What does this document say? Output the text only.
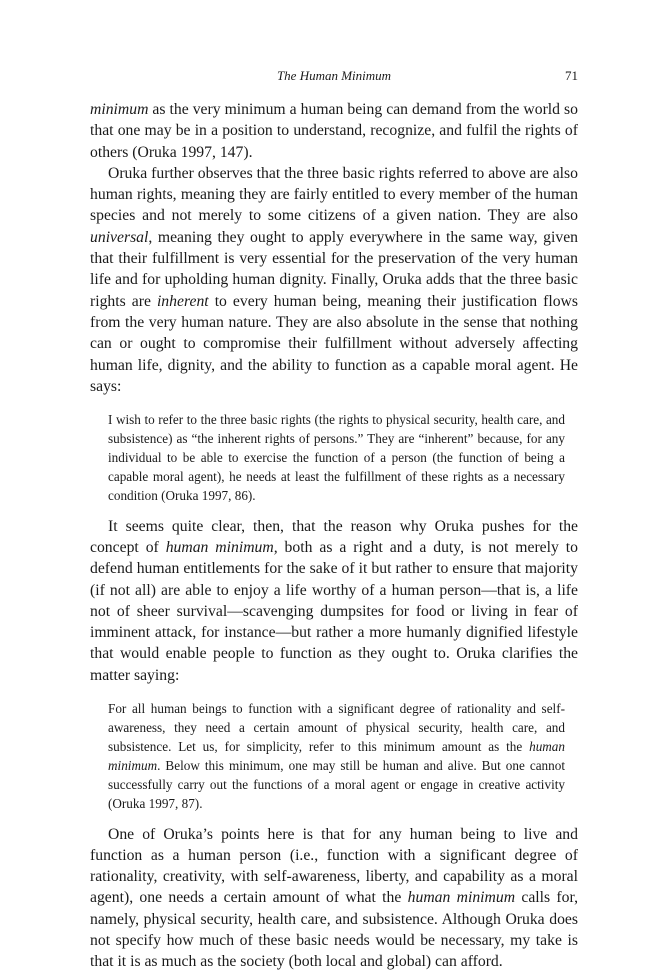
The Human Minimum	71

minimum as the very minimum a human being can demand from the world so that one may be in a position to understand, recognize, and fulfil the rights of others (Oruka 1997, 147).

Oruka further observes that the three basic rights referred to above are also human rights, meaning they are fairly entitled to every member of the human species and not merely to some citizens of a given nation. They are also universal, meaning they ought to apply everywhere in the same way, given that their fulfillment is very essential for the preservation of the very human life and for upholding human dignity. Finally, Oruka adds that the three basic rights are inherent to every human being, meaning their justification flows from the very human nature. They are also absolute in the sense that nothing can or ought to compromise their fulfillment without adversely affecting human life, dignity, and the ability to function as a capable moral agent. He says:

I wish to refer to the three basic rights (the rights to physical security, health care, and subsistence) as “the inherent rights of persons.” They are “inherent” because, for any individual to be able to exercise the function of a person (the function of being a capable moral agent), he needs at least the fulfillment of these rights as a necessary condition (Oruka 1997, 86).

It seems quite clear, then, that the reason why Oruka pushes for the concept of human minimum, both as a right and a duty, is not merely to defend human entitlements for the sake of it but rather to ensure that majority (if not all) are able to enjoy a life worthy of a human person—that is, a life not of sheer survival—scavenging dumpsites for food or living in fear of imminent attack, for instance—but rather a more humanly dignified lifestyle that would enable people to function as they ought to. Oruka clarifies the matter saying:

For all human beings to function with a significant degree of rationality and self-awareness, they need a certain amount of physical security, health care, and subsistence. Let us, for simplicity, refer to this minimum amount as the human minimum. Below this minimum, one may still be human and alive. But one cannot successfully carry out the functions of a moral agent or engage in creative activity (Oruka 1997, 87).

One of Oruka’s points here is that for any human being to live and function as a human person (i.e., function with a significant degree of rationality, creativity, with self-awareness, liberty, and capability as a moral agent), one needs a certain amount of what the human minimum calls for, namely, physical security, health care, and subsistence. Although Oruka does not specify how much of these basic needs would be necessary, my take is that it is as much as the society (both local and global) can afford.
